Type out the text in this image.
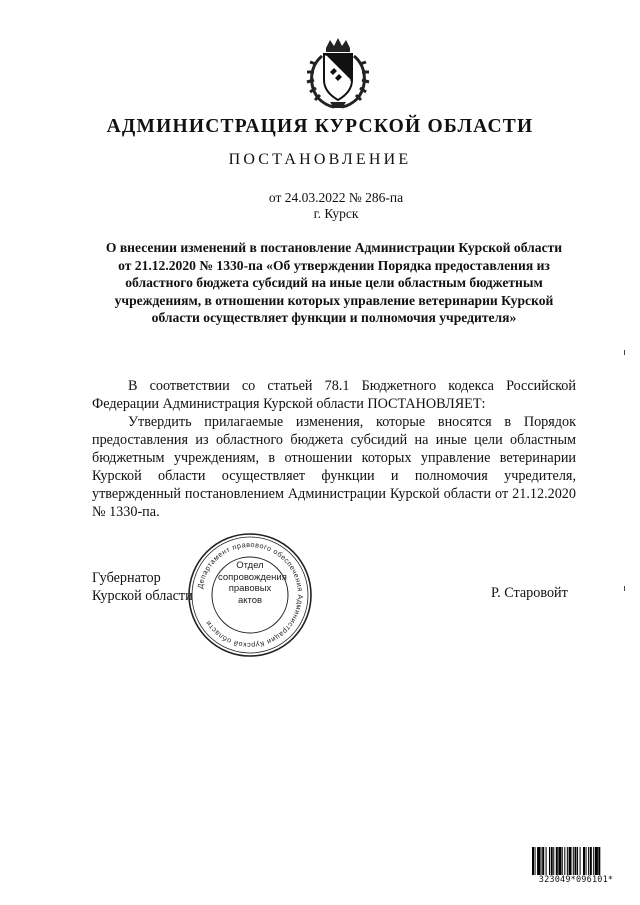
АДМИНИСТРАЦИЯ КУРСКОЙ ОБЛАСТИ
ПОСТАНОВЛЕНИЕ
от 24.03.2022 № 286-па
г. Курск

О внесении изменений в постановление Администрации Курской области от 21.12.2020 № 1330-па «Об утверждении Порядка предоставления из областного бюджета субсидий на иные цели областным бюджетным учреждениям, в отношении которых управление ветеринарии Курской области осуществляет функции и полномочия учредителя»

В соответствии со статьей 78.1 Бюджетного кодекса Российской Федерации Администрация Курской области ПОСТАНОВЛЯЕТ:

Утвердить прилагаемые изменения, которые вносятся в Порядок предоставления из областного бюджета субсидий на иные цели областным бюджетным учреждениям, в отношении которых управление ветеринарии Курской области осуществляет функции и полномочия учредителя, утвержденный постановлением Администрации Курской области от 21.12.2020 № 1330-па.

Губернатор
Курской области	Р. Старовойт
Департамент правового обеспечения Администрации Курской области
Отдел
сопровождения
правовых
актов
323049*096101*
